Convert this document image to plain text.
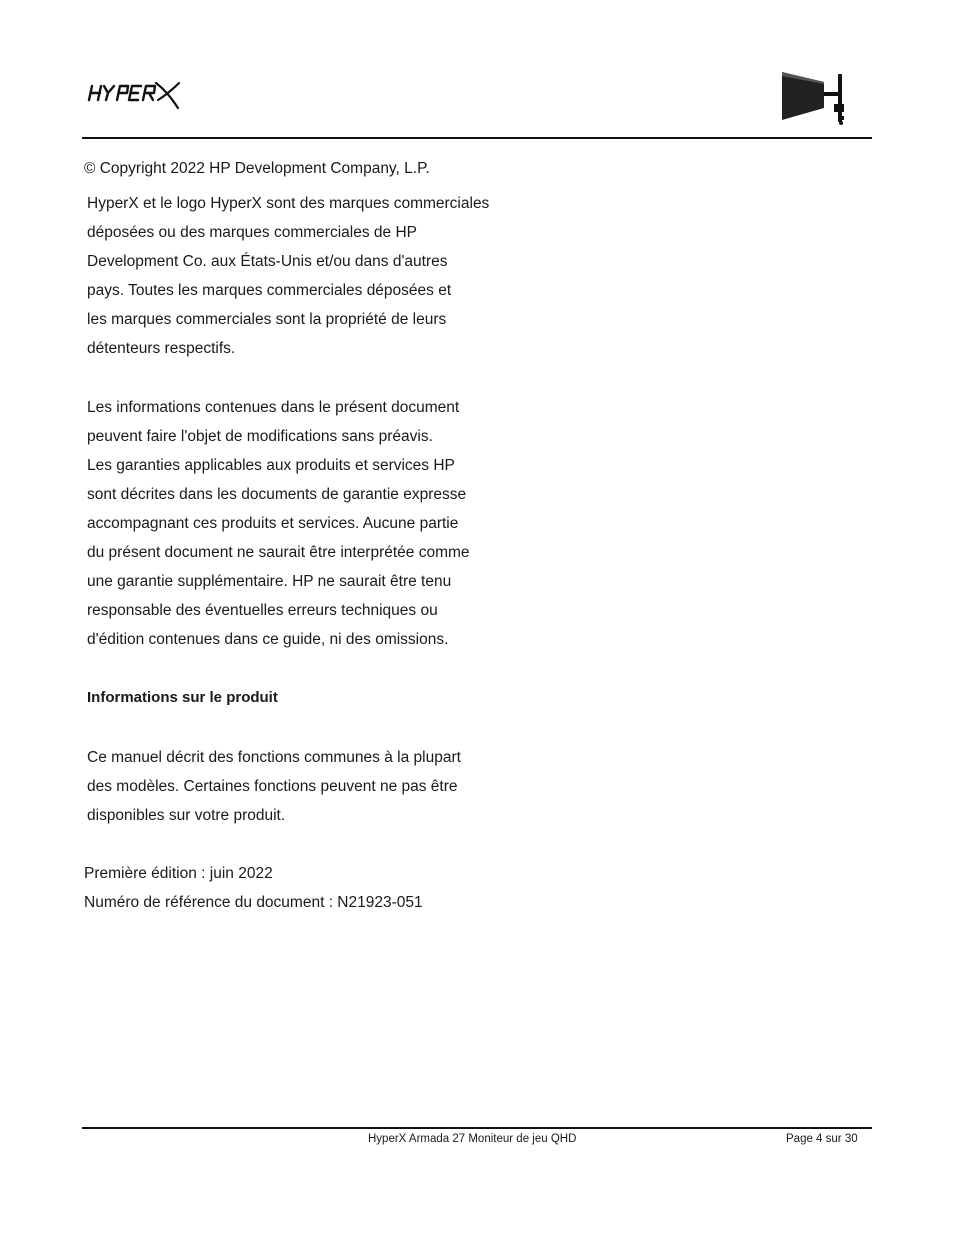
© Copyright 2022 HP Development Company, L.P.
HyperX et le logo HyperX sont des marques commerciales
déposées ou des marques commerciales de HP
Development Co. aux États-Unis et/ou dans d'autres
pays. Toutes les marques commerciales déposées et
les marques commerciales sont la propriété de leurs
détenteurs respectifs.
Les informations contenues dans le présent document
peuvent faire l'objet de modifications sans préavis.
Les garanties applicables aux produits et services HP
sont décrites dans les documents de garantie expresse
accompagnant ces produits et services. Aucune partie
du présent document ne saurait être interprétée comme
une garantie supplémentaire. HP ne saurait être tenu
responsable des éventuelles erreurs techniques ou
d'édition contenues dans ce guide, ni des omissions.
Informations sur le produit
Ce manuel décrit des fonctions communes à la plupart
des modèles. Certaines fonctions peuvent ne pas être
disponibles sur votre produit.
Première édition : juin 2022
Numéro de référence du document : N21923-051
HyperX Armada 27 Moniteur de jeu QHD	Page 4 sur 30
